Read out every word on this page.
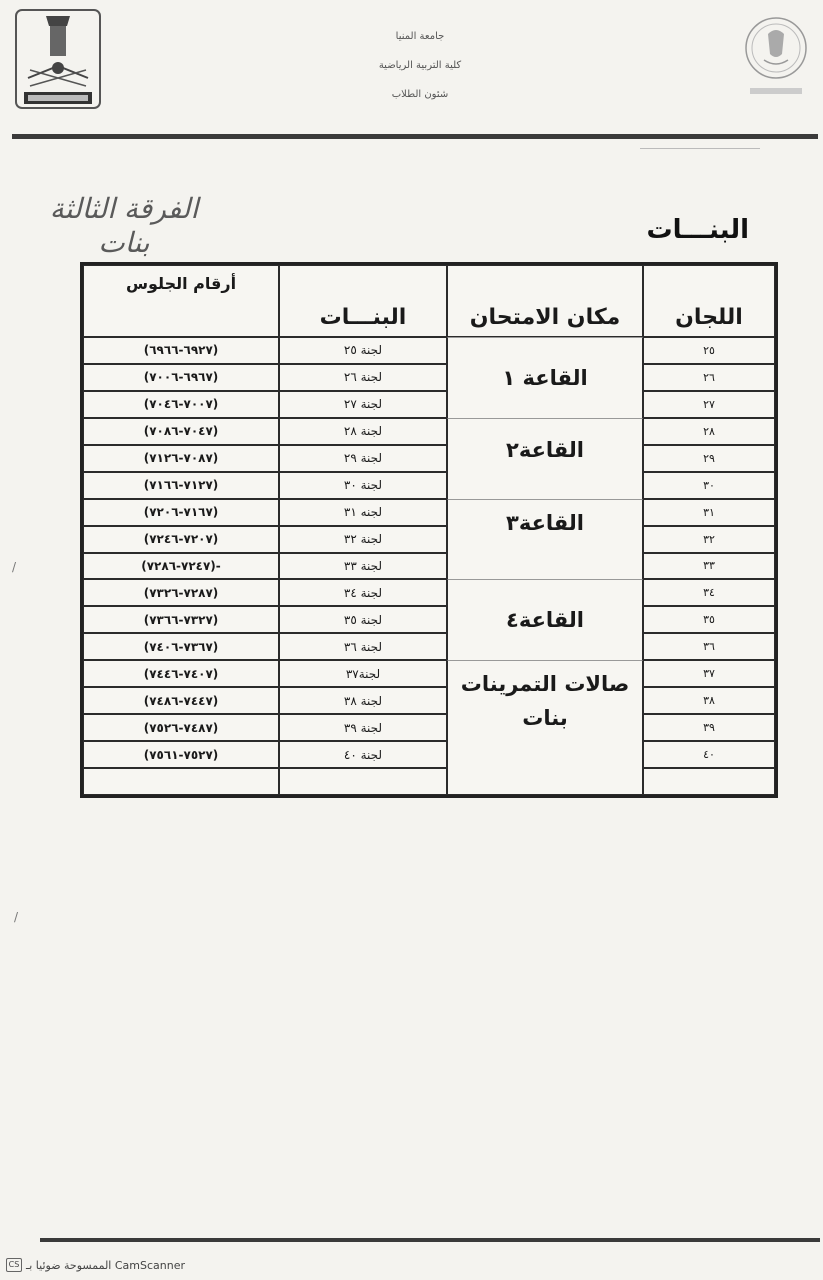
جامعة المنيا
كلية التربية الرياضية
شئون الطلاب
الفرقة الثالثة
بنات	البنـــات
اللجان
مكان الامتحان
البنـــات
أرقام الجلوس
القاعة ١
القاعة٢
القاعة٣
القاعة٤
صالات التمرينات
بنات
٢٥
لجنة ٢٥
(٦٩٢٧-٦٩٦٦)
٢٦
لجنة ٢٦
(٦٩٦٧-٧٠٠٦)
٢٧
لجنة ٢٧
(٧٠٠٧-٧٠٤٦)
٢٨
لجنة ٢٨
(٧٠٤٧-٧٠٨٦)
٢٩
لجنة ٢٩
(٧٠٨٧-٧١٢٦)
٣٠
لجنة ٣٠
(٧١٢٧-٧١٦٦)
٣١
لجنه ٣١
(٧١٦٧-٧٢٠٦)
٣٢
لجنة ٣٢
(٧٢٠٧-٧٢٤٦)
٣٣
لجنة ٣٣
-(٧٢٤٧-٧٢٨٦)
٣٤
لجنة ٣٤
(٧٢٨٧-٧٣٢٦)
٣٥
لجنة ٣٥
(٧٣٢٧-٧٣٦٦)
٣٦
لجنة ٣٦
(٧٣٦٧-٧٤٠٦)
٣٧
لجنة٣٧
(٧٤٠٧-٧٤٤٦)
٣٨
لجنة ٣٨
(٧٤٤٧-٧٤٨٦)
٣٩
لجنة ٣٩
(٧٤٨٧-٧٥٢٦)
٤٠
لجنة ٤٠
(٧٥٢٧-٧٥٦١)
/
/
CS الممسوحة ضوئيا بـ CamScanner
